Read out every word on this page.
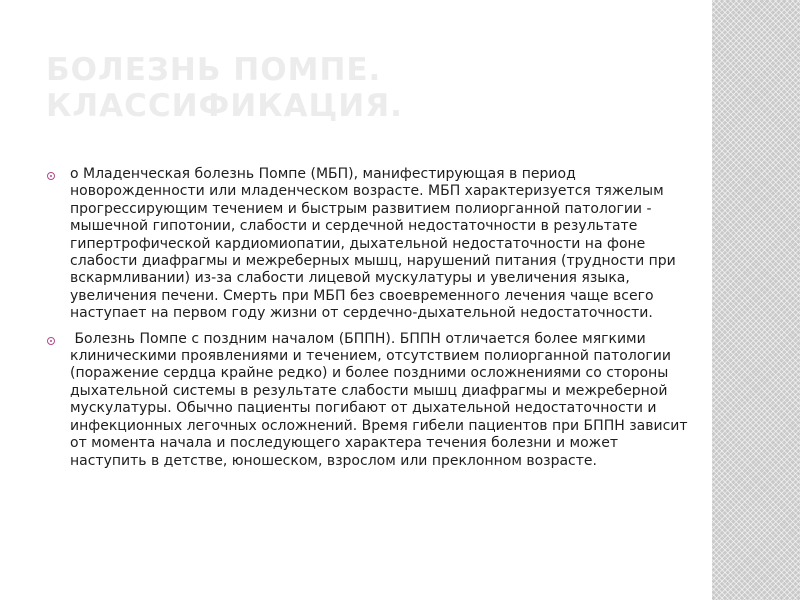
БОЛЕЗНЬ ПОМПЕ.
КЛАССИФИКАЦИЯ.
o Младенческая болезнь Помпе (МБП), манифестирующая в период новорожденности или младенческом возрасте. МБП характеризуется тяжелым прогрессирующим течением и быстрым развитием полиорганной патологии - мышечной гипотонии, слабости и сердечной недостаточности в результате гипертрофической кардиомиопатии, дыхательной недостаточности на фоне слабости диафрагмы и межреберных мышц, нарушений питания (трудности при вскармливании) из-за слабости лицевой мускулатуры и увеличения языка, увеличения печени. Смерть при МБП без своевременного лечения чаще всего наступает на первом году жизни от сердечно-дыхательной недостаточности.
Болезнь Помпе с поздним началом (БППН). БППН отличается более мягкими клиническими проявлениями и течением, отсутствием полиорганной патологии (поражение сердца крайне редко) и более поздними осложнениями со стороны дыхательной системы в результате слабости мышц диафрагмы и межреберной мускулатуры. Обычно пациенты погибают от дыхательной недостаточности и инфекционных легочных осложнений. Время гибели пациентов при БППН зависит от момента начала и последующего характера течения болезни и может наступить в детстве, юношеском, взрослом или преклонном возрасте.
